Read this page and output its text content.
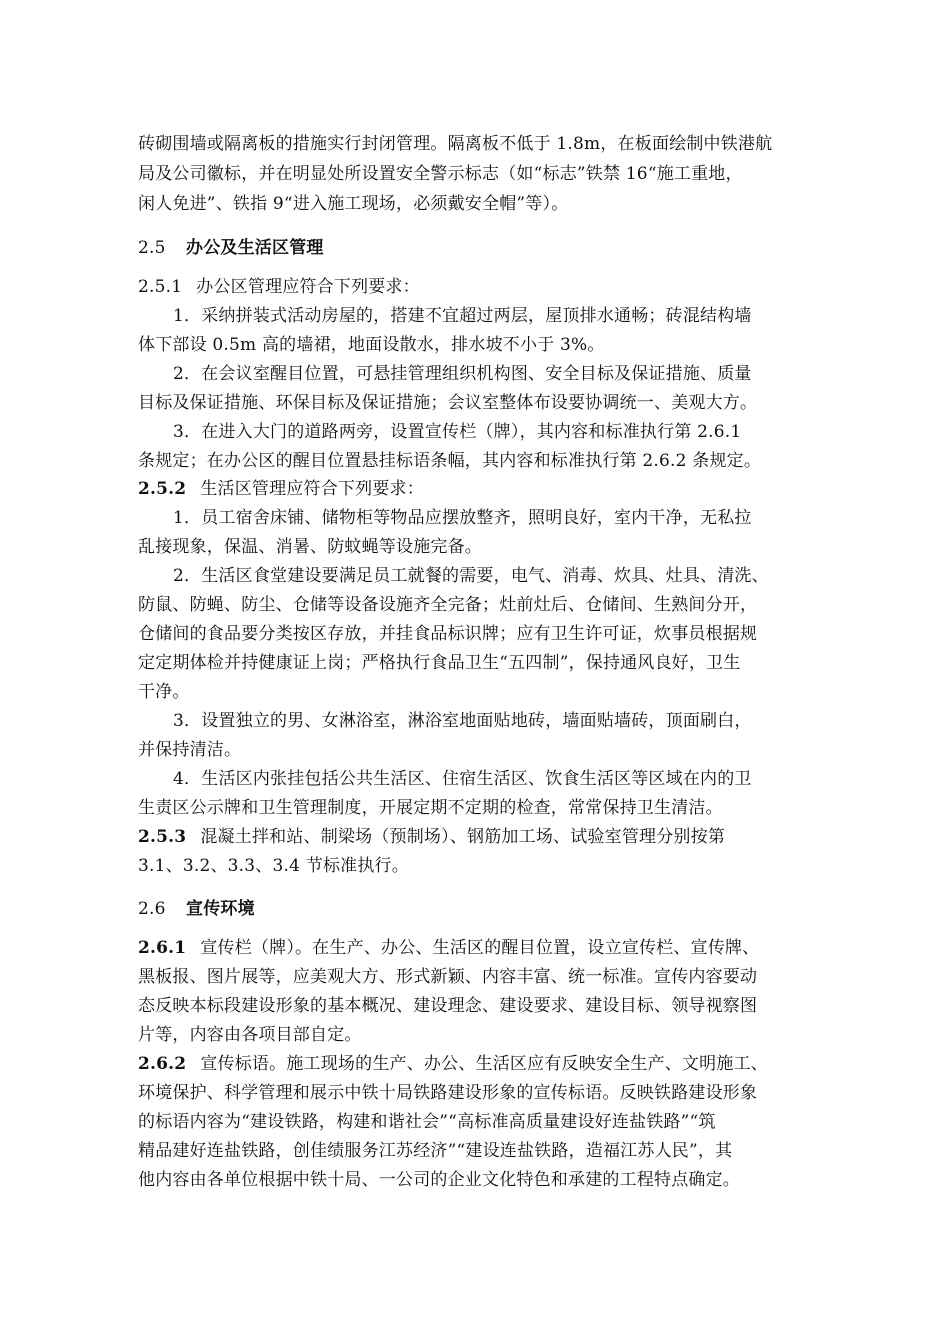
砖砌围墙或隔离板的措施实行封闭管理。隔离板不低于 1.8m，在板面绘制中铁港航
局及公司徽标，并在明显处所设置安全警示标志（如“标志”铁禁 16“施工重地，
闲人免进”、铁指 9“进入施工现场，必须戴安全帽”等）。
2.5 办公及生活区管理
2.5.1 办公区管理应符合下列要求：
1．采纳拼装式活动房屋的，搭建不宜超过两层，屋顶排水通畅；砖混结构墙
体下部设 0.5m 高的墙裙，地面设散水，排水坡不小于 3%。
2．在会议室醒目位置，可悬挂管理组织机构图、安全目标及保证措施、质量
目标及保证措施、环保目标及保证措施；会议室整体布设要协调统一、美观大方。
3．在进入大门的道路两旁，设置宣传栏（牌），其内容和标准执行第 2.6.1
条规定；在办公区的醒目位置悬挂标语条幅，其内容和标准执行第 2.6.2 条规定。
2.5.2 生活区管理应符合下列要求：
1．员工宿舍床铺、储物柜等物品应摆放整齐，照明良好，室内干净，无私拉
乱接现象，保温、消暑、防蚊蝇等设施完备。
2．生活区食堂建设要满足员工就餐的需要，电气、消毒、炊具、灶具、清洗、
防鼠、防蝇、防尘、仓储等设备设施齐全完备；灶前灶后、仓储间、生熟间分开，
仓储间的食品要分类按区存放，并挂食品标识牌；应有卫生许可证，炊事员根据规
定定期体检并持健康证上岗；严格执行食品卫生“五四制”，保持通风良好，卫生
干净。
3．设置独立的男、女淋浴室，淋浴室地面贴地砖，墙面贴墙砖，顶面刷白，
并保持清洁。
4．生活区内张挂包括公共生活区、住宿生活区、饮食生活区等区域在内的卫
生责区公示牌和卫生管理制度，开展定期不定期的检查，常常保持卫生清洁。
2.5.3 混凝土拌和站、制梁场（预制场）、钢筋加工场、试验室管理分别按第
3.1、3.2、3.3、3.4 节标准执行。
2.6 宣传环境
2.6.1 宣传栏（牌）。在生产、办公、生活区的醒目位置，设立宣传栏、宣传牌、
黑板报、图片展等，应美观大方、形式新颖、内容丰富、统一标准。宣传内容要动
态反映本标段建设形象的基本概况、建设理念、建设要求、建设目标、领导视察图
片等，内容由各项目部自定。
2.6.2 宣传标语。施工现场的生产、办公、生活区应有反映安全生产、文明施工、
环境保护、科学管理和展示中铁十局铁路建设形象的宣传标语。反映铁路建设形象
的标语内容为“建设铁路，构建和谐社会”“高标准高质量建设好连盐铁路”“筑
精品建好连盐铁路，创佳绩服务江苏经济”“建设连盐铁路，造福江苏人民”，其
他内容由各单位根据中铁十局、一公司的企业文化特色和承建的工程特点确定。
